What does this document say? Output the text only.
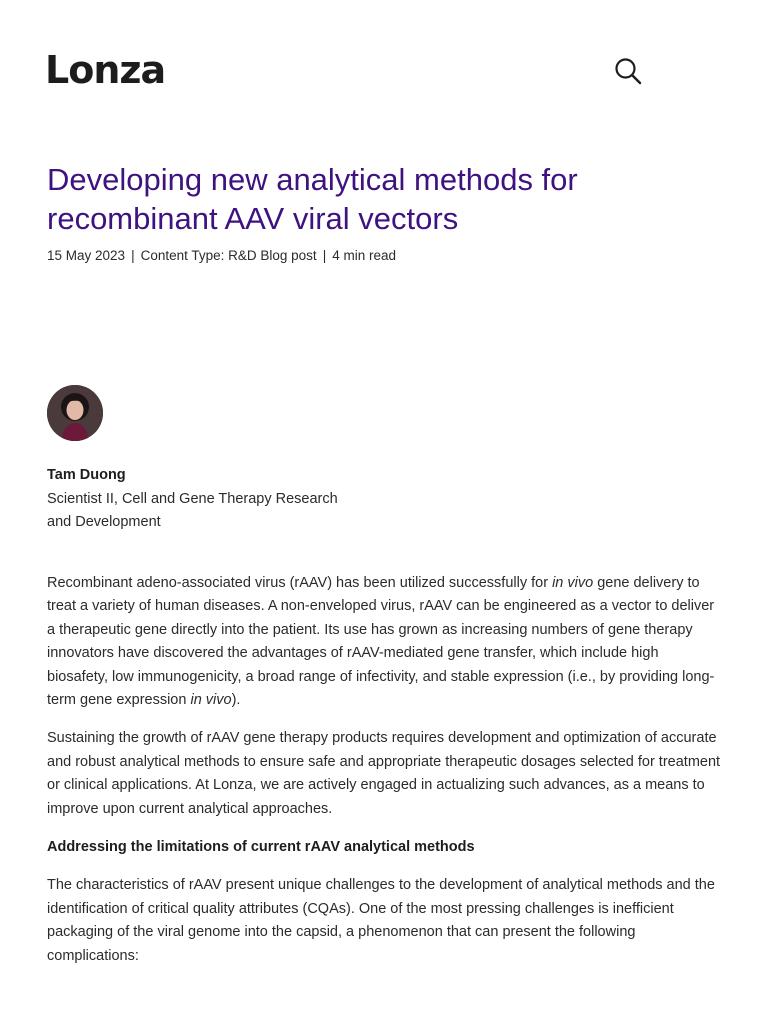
Lonza
Developing new analytical methods for recombinant AAV viral vectors
15 May 2023 | Content Type: R&D Blog post | 4 min read
Tam Duong
Scientist II, Cell and Gene Therapy Research and Development

Recombinant adeno-associated virus (rAAV) has been utilized successfully for in vivo gene delivery to treat a variety of human diseases. A non-enveloped virus, rAAV can be engineered as a vector to deliver a therapeutic gene directly into the patient. Its use has grown as increasing numbers of gene therapy innovators have discovered the advantages of rAAV-mediated gene transfer, which include high biosafety, low immunogenicity, a broad range of infectivity, and stable expression (i.e., by providing long-term gene expression in vivo).

Sustaining the growth of rAAV gene therapy products requires development and optimization of accurate and robust analytical methods to ensure safe and appropriate therapeutic dosages selected for treatment or clinical applications. At Lonza, we are actively engaged in actualizing such advances, as a means to improve upon current analytical approaches.

Addressing the limitations of current rAAV analytical methods

The characteristics of rAAV present unique challenges to the development of analytical methods and the identification of critical quality attributes (CQAs). One of the most pressing challenges is inefficient packaging of the viral genome into the capsid, a phenomenon that can present the following complications:
